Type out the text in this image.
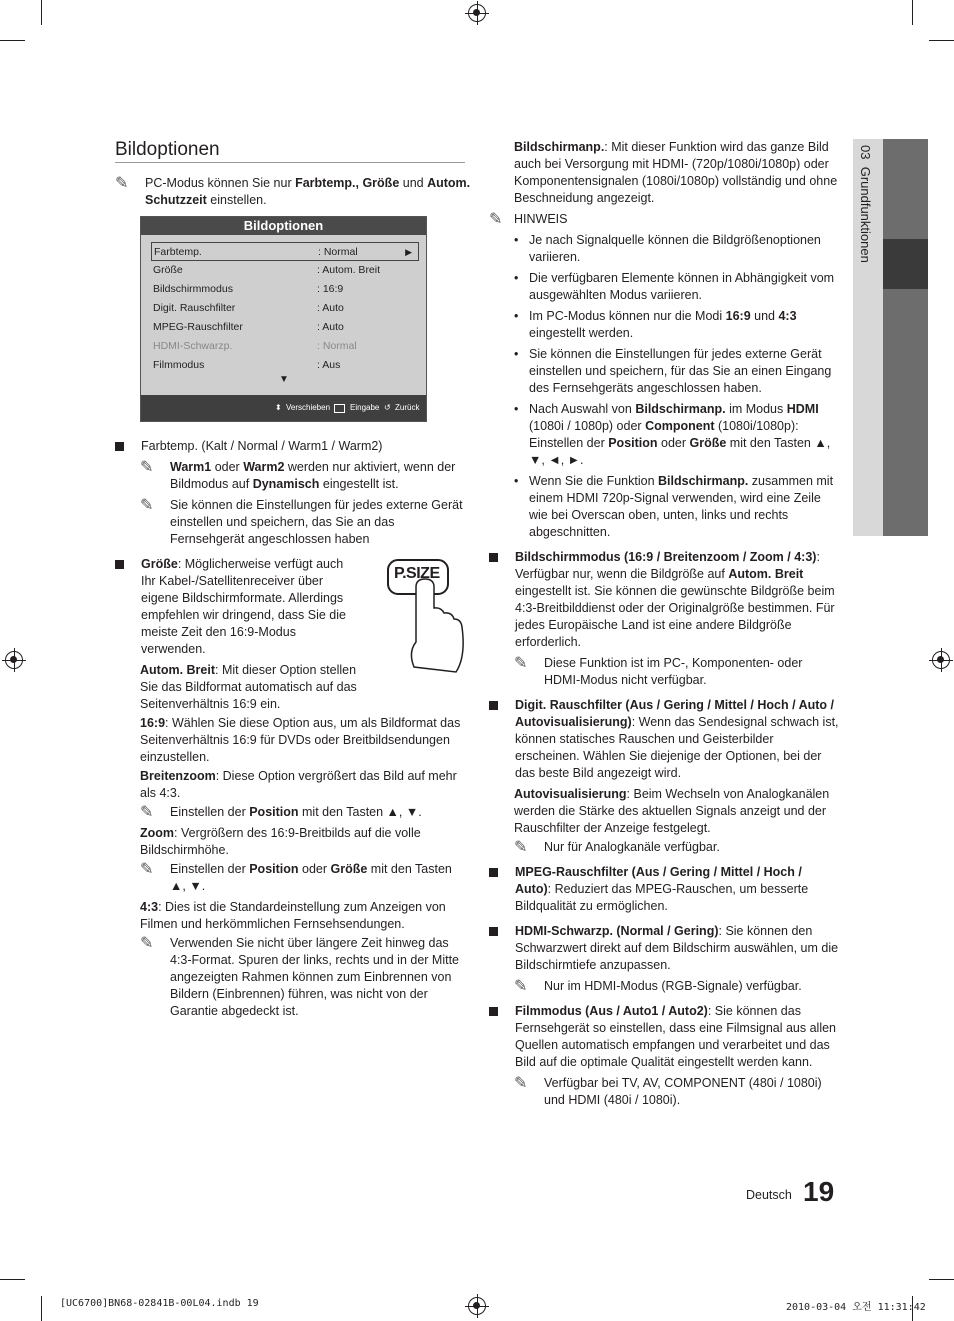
03  Grundfunktionen
Bildoptionen
✎ PC-Modus können Sie nur Farbtemp., Größe und Autom. Schutzzeit einstellen.
Bildoptionen
Farbtemp.	: Normal	▶
Größe	: Autom. Breit
Bildschirmmodus	: 16:9
Digit. Rauschfilter	: Auto
MPEG-Rauschfilter	: Auto
HDMI-Schwarzp.	: Normal
Filmmodus	: Aus
▼
⬍ Verschieben Eingabe ↺ Zurück
Farbtemp. (Kalt / Normal / Warm1 / Warm2)
✎ Warm1 oder Warm2 werden nur aktiviert, wenn der Bildmodus auf Dynamisch eingestellt ist.
✎ Sie können die Einstellungen für jedes externe Gerät einstellen und speichern, das Sie an das Fernsehgerät angeschlossen haben
Größe: Möglicherweise verfügt auch Ihr Kabel-/Satellitenreceiver über eigene Bildschirmformate. Allerdings empfehlen wir dringend, dass Sie die meiste Zeit den 16:9-Modus verwenden.
Autom. Breit: Mit dieser Option stellen Sie das Bildformat automatisch auf das Seitenverhältnis 16:9 ein.
16:9: Wählen Sie diese Option aus, um als Bildformat das Seitenverhältnis 16:9 für DVDs oder Breitbildsendungen einzustellen.
Breitenzoom: Diese Option vergrößert das Bild auf mehr als 4:3.
✎ Einstellen der Position mit den Tasten ▲, ▼.
Zoom: Vergrößern des 16:9-Breitbilds auf die volle Bildschirmhöhe.
✎ Einstellen der Position oder Größe mit den Tasten ▲, ▼.
4:3: Dies ist die Standardeinstellung zum Anzeigen von Filmen und herkömmlichen Fernsehsendungen.
✎ Verwenden Sie nicht über längere Zeit hinweg das 4:3-Format. Spuren der links, rechts und in der Mitte angezeigten Rahmen können zum Einbrennen von Bildern (Einbrennen) führen, was nicht von der Garantie abgedeckt ist.
P.SIZE
Bildschirmanp.: Mit dieser Funktion wird das ganze Bild auch bei Versorgung mit HDMI- (720p/1080i/1080p) oder Komponentensignalen (1080i/1080p) vollständig und ohne Beschneidung angezeigt.
✎ HINWEIS
• Je nach Signalquelle können die Bildgrößenoptionen variieren.
• Die verfügbaren Elemente können in Abhängigkeit vom ausgewählten Modus variieren.
• Im PC-Modus können nur die Modi 16:9 und 4:3 eingestellt werden.
• Sie können die Einstellungen für jedes externe Gerät einstellen und speichern, für das Sie an einen Eingang des Fernsehgeräts angeschlossen haben.
• Nach Auswahl von Bildschirmanp. im Modus HDMI (1080i / 1080p) oder Component (1080i/1080p): Einstellen der Position oder Größe mit den Tasten ▲, ▼, ◄, ►.
• Wenn Sie die Funktion Bildschirmanp. zusammen mit einem HDMI 720p-Signal verwenden, wird eine Zeile wie bei Overscan oben, unten, links und rechts abgeschnitten.
Bildschirmmodus (16:9 / Breitenzoom / Zoom / 4:3): Verfügbar nur, wenn die Bildgröße auf Autom. Breit eingestellt ist. Sie können die gewünschte Bildgröße beim 4:3-Breitbilddienst oder der Originalgröße bestimmen. Für jedes Europäische Land ist eine andere Bildgröße erforderlich.
✎ Diese Funktion ist im PC-, Komponenten- oder HDMI-Modus nicht verfügbar.
Digit. Rauschfilter (Aus / Gering / Mittel / Hoch / Auto / Autovisualisierung): Wenn das Sendesignal schwach ist, können statisches Rauschen und Geisterbilder erscheinen. Wählen Sie diejenige der Optionen, bei der das beste Bild angezeigt wird.
Autovisualisierung: Beim Wechseln von Analogkanälen werden die Stärke des aktuellen Signals anzeigt und der Rauschfilter der Anzeige festgelegt.
✎ Nur für Analogkanäle verfügbar.
MPEG-Rauschfilter (Aus / Gering / Mittel / Hoch / Auto): Reduziert das MPEG-Rauschen, um besserte Bildqualität zu ermöglichen.
HDMI-Schwarzp. (Normal / Gering): Sie können den Schwarzwert direkt auf dem Bildschirm auswählen, um die Bildschirmtiefe anzupassen.
✎ Nur im HDMI-Modus (RGB-Signale) verfügbar.
Filmmodus (Aus / Auto1 / Auto2): Sie können das Fernsehgerät so einstellen, dass eine Filmsignal aus allen Quellen automatisch empfangen und verarbeitet und das Bild auf die optimale Qualität eingestellt werden kann.
✎ Verfügbar bei TV, AV, COMPONENT (480i / 1080i) und HDMI (480i / 1080i).
Deutsch 19
[UC6700]BN68-02841B-00L04.indb 19	2010-03-04 오전 11:31:42
